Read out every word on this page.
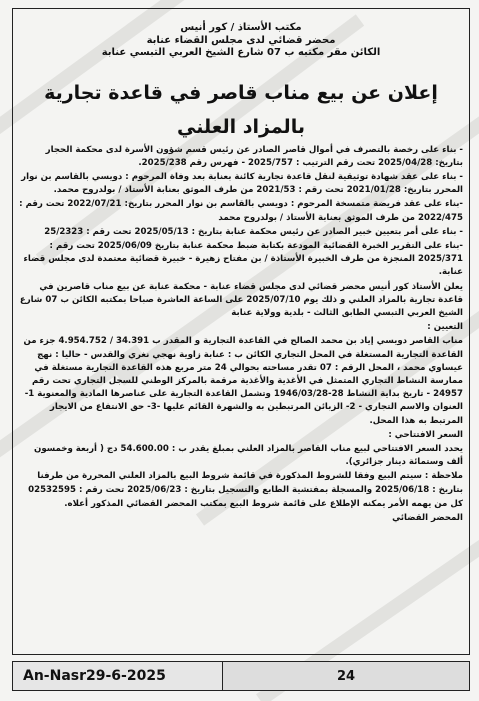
مكتب الأستاذ / كور أنيس
محضر قضائي لدى مجلس القضاء عنابة
الكائن مقر مكتبه ب 07 شارع الشيخ العربي التبسي عنابة
إعلان عن بيع مناب قاصر في قاعدة تجارية
بالمزاد العلني

- بناء على رخصة بالتصرف في أموال قاصر الصادر عن رئيس قسم شؤون الأسرة لدى محكمة الحجار بتاريخ: 2025/04/28 تحت رقم الترتيب : 2025/757 - فهرس رقم 2025/238.

- بناء على عقد شهادة توثيقية لنقل قاعدة تجارية كائنة بعنابة بعد وفاة المرحوم : دويسي بالقاسم بن نوار المحرر بتاريخ: 2021/01/28 تحت رقم : 2021/53 من طرف الموثق بعنابة الأستاذ / بولدروح محمد.

-بناء على عقد فريضة متمسخة المرحوم : دويسي بالقاسم بن نوار المحرر بتاريخ: 2022/07/21 تحت رقم : 2022/475 من طرف الموثق بعنابة الأستاذ / بولدروح محمد

- بناء على أمر بتعيين خبير الصادر عن رئيس محكمة عنابة بتاريخ : 2025/05/13 تحت رقم : 25/2323

-بناء على التقرير الخبرة القضائية المودعة بكتابة ضبط محكمة عنابة بتاريخ 2025/06/09 تحت رقم : 2025/371 المنجزة من طرف الخبيرة الأستاذة / بن مفتاح زهيرة - خبيرة قضائية معتمدة لدى مجلس قضاء عنابة.

يعلن الأستاذ كور أنيس محضر قضائي لدى مجلس قضاء عنابة - محكمة عنابة عن بيع مناب قاصرين في قاعدة تجارية بالمزاد العلني و ذلك يوم 2025/07/10 على الساعة العاشرة صباحا بمكتبه الكائن ب 07 شارع الشيخ العربي التبسي الطابق الثالث - بلدية وولاية عنابة

التعيين :

مناب القاصر دويسي إياد بن محمد الصالح في القاعدة التجارية و المقدر ب 34.391 / 4.954.752 جزء من القاعدة التجارية المستغلة في المحل التجاري الكائن ب : عنابة زاوية نهجي نغري والقدس - حاليا : نهج عيساوي محمد ، المحل الرقم : 07 تقدر مساحته بحوالي 24 متر مربع هذه القاعدة التجارية مستغلة في ممارسة النشاط التجاري المتمثل في الأغذية والأغذية مرقمة بالمركز الوطني للسجل التجاري تحت رقم 24957 - تاريخ بداية النشاط 28-1946/03/28 وتشمل القاعدة التجارية على عناصرها المادية والمعنوية 1- العنوان والاسم التجاري - 2- الزبائن المرتبطين به والشهرة القائم عليها -3- حق الانتفاع من الايجار المرتبط به هذا المحل.

السعر الافتتاحي :

يحدد السعر الافتتاحي لبيع مناب القاصر بالمزاد العلني بمبلغ يقدر ب : 54.600.00 دج ( أربعة وخمسون ألف وستمائة دينار جزائري).

ملاحظة : سيتم البيع وفقا للشروط المذكورة في قائمة شروط البيع بالمزاد العلني المحررة من طرفنا بتاريخ : 2025/06/18 والمسجلة بمفتشية الطابع والتسجيل بتاريخ : 2025/06/23 تحت رقم : 02532595

كل من يهمه الأمر يمكنه الإطلاع على قائمة شروط البيع بمكتب المحضر القضائي المذكور أعلاه.

المحضر القضائي
An-Nasr29-6-2025	24
